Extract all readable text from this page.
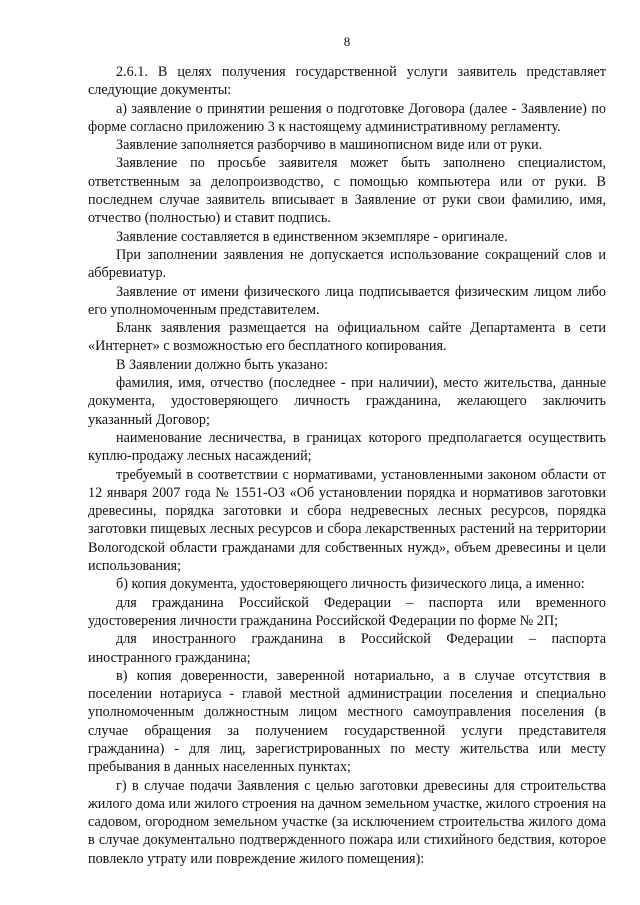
8

2.6.1. В целях получения государственной услуги заявитель представляет следующие документы:

а) заявление о принятии решения о подготовке Договора (далее - Заявление) по форме согласно приложению 3 к настоящему административному регламенту.

Заявление заполняется разборчиво в машинописном виде или от руки.

Заявление по просьбе заявителя может быть заполнено специалистом, ответственным за делопроизводство, с помощью компьютера или от руки. В последнем случае заявитель вписывает в Заявление от руки свои фамилию, имя, отчество (полностью) и ставит подпись.

Заявление составляется в единственном экземпляре - оригинале.

При заполнении заявления не допускается использование сокращений слов и аббревиатур.

Заявление от имени физического лица подписывается физическим лицом либо его уполномоченным представителем.

Бланк заявления размещается на официальном сайте Департамента в сети «Интернет» с возможностью его бесплатного копирования.

В Заявлении должно быть указано:

фамилия, имя, отчество (последнее - при наличии), место жительства, данные документа, удостоверяющего личность гражданина, желающего заключить указанный Договор;

наименование лесничества, в границах которого предполагается осуществить куплю-продажу лесных насаждений;

требуемый в соответствии с нормативами, установленными законом области от 12 января 2007 года № 1551-ОЗ «Об установлении порядка и нормативов заготовки древесины, порядка заготовки и сбора недревесных лесных ресурсов, порядка заготовки пищевых лесных ресурсов и сбора лекарственных растений на территории Вологодской области гражданами для собственных нужд», объем древесины и цели использования;

б) копия документа, удостоверяющего личность физического лица, а именно:

для гражданина Российской Федерации – паспорта или временного удостоверения личности гражданина Российской Федерации по форме № 2П;

для иностранного гражданина в Российской Федерации – паспорта иностранного гражданина;

в) копия доверенности, заверенной нотариально, а в случае отсутствия в поселении нотариуса - главой местной администрации поселения и специально уполномоченным должностным лицом местного самоуправления поселения (в случае обращения за получением государственной услуги представителя гражданина) - для лиц, зарегистрированных по месту жительства или месту пребывания в данных населенных пунктах;

г) в случае подачи Заявления с целью заготовки древесины для строительства жилого дома или жилого строения на дачном земельном участке, жилого строения на садовом, огородном земельном участке (за исключением строительства жилого дома в случае документально подтвержденного пожара или стихийного бедствия, которое повлекло утрату или повреждение жилого помещения):
